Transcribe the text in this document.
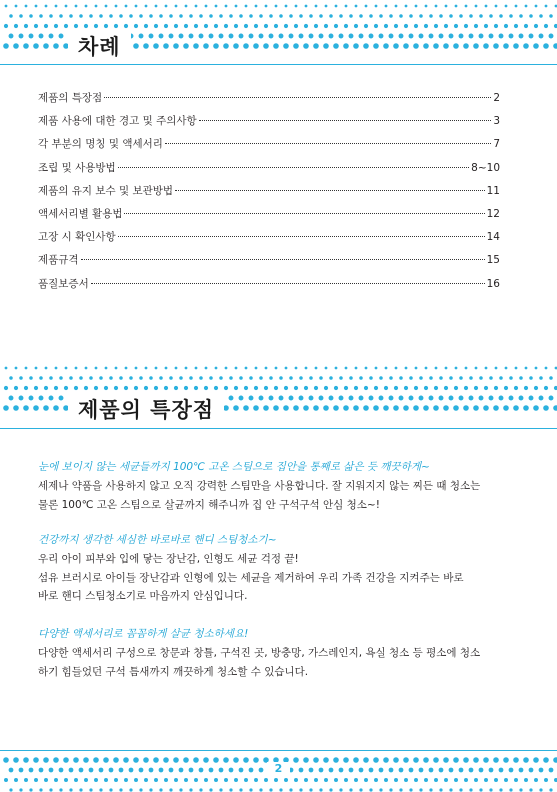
차례
제품의 특장점	2
제품 사용에 대한 경고 및 주의사항	3
각 부분의 명칭 및 액세서리	7
조립 및 사용방법	8~10
제품의 유지 보수 및 보관방법	11
액세서리별 활용법	12
고장 시 확인사항	14
제품규격	15
품질보증서	16
제품의 특장점
눈에 보이지 않는 세균들까지 100℃ 고온 스팀으로 집안을 통째로 삶은 듯 깨끗하게~

세제나 약품을 사용하지 않고 오직 강력한 스팀만을 사용합니다. 잘 지워지지 않는 찌든 때 청소는

물론 100℃ 고온 스팀으로 살균까지 해주니까 집 안 구석구석 안심 청소~!

건강까지 생각한 세심한 바로바로 핸디 스팀청소기~

우리 아이 피부와 입에 닿는 장난감, 인형도 세균 걱정 끝!

섬유 브러시로 아이들 장난감과 인형에 있는 세균을 제거하여 우리 가족 건강을 지켜주는 바로

바로 핸디 스팀청소기로 마음까지 안심입니다.

다양한 액세서리로 꼼꼼하게 살균 청소하세요!

다양한 액세서리 구성으로 창문과 창틀, 구석진 곳, 방충망, 가스레인지, 욕실 청소 등 평소에 청소

하기 힘들었던 구석 틈새까지 깨끗하게 청소할 수 있습니다.

2
